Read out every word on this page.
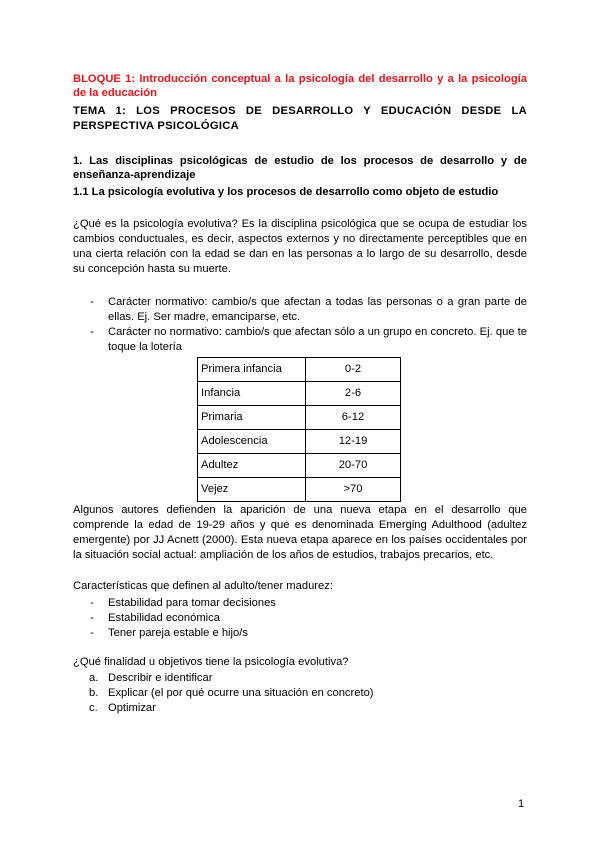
BLOQUE 1: Introducción conceptual a la psicología del desarrollo y a la psicología de la educación

TEMA 1: LOS PROCESOS DE DESARROLLO Y EDUCACIÓN DESDE LA PERSPECTIVA PSICOLÓGICA

1. Las disciplinas psicológicas de estudio de los procesos de desarrollo y de enseñanza-aprendizaje

1.1 La psicología evolutiva y los procesos de desarrollo como objeto de estudio

¿Qué es la psicología evolutiva? Es la disciplina psicológica que se ocupa de estudiar los cambios conductuales, es decir, aspectos externos y no directamente perceptibles que en una cierta relación con la edad se dan en las personas a lo largo de su desarrollo, desde su concepción hasta su muerte.

- Carácter normativo: cambio/s que afectan a todas las personas o a gran parte de ellas. Ej. Ser madre, emanciparse, etc.
- Carácter no normativo: cambio/s que afectan sólo a un grupo en concreto. Ej. que te toque la lotería
Primera infancia	0-2
Infancia	2-6
Primaria	6-12
Adolescencia	12-19
Adultez	20-70
Vejez	>70

Algunos autores defienden la aparición de una nueva etapa en el desarrollo que comprende la edad de 19-29 años y que es denominada Emerging Adulthood (adultez emergente) por JJ Acnett (2000). Esta nueva etapa aparece en los países occidentales por la situación social actual: ampliación de los años de estudios, trabajos precarios, etc.

Características que definen al adulto/tener madurez:

- Estabilidad para tomar decisiones
- Estabilidad económica
- Tener pareja estable e hijo/s

¿Qué finalidad u objetivos tiene la psicología evolutiva?

a. Describir e identificar
b. Explicar (el por qué ocurre una situación en concreto)
c. Optimizar
1
